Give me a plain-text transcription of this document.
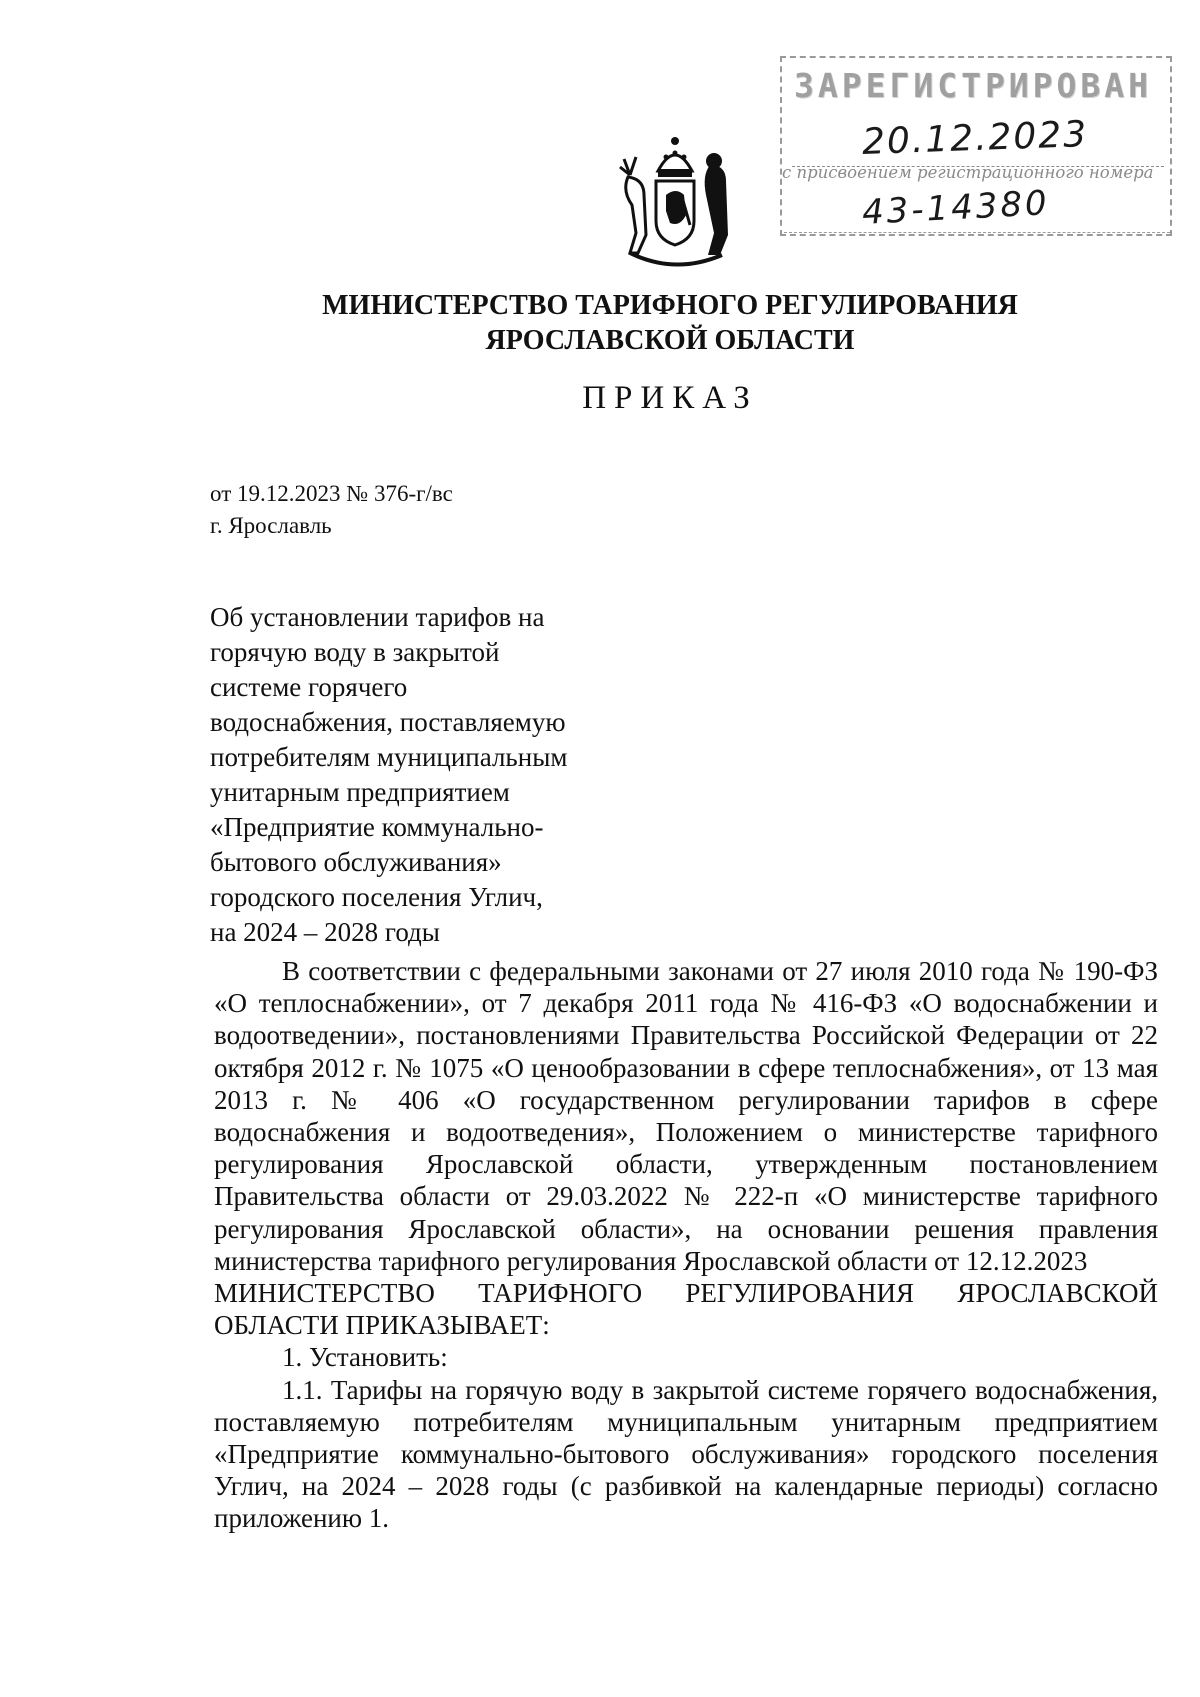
ЗАРЕГИСТРИРОВАН
20.12.2023
с присвоением регистрационного номера
43-14380
МИНИСТЕРСТВО ТАРИФНОГО РЕГУЛИРОВАНИЯ
ЯРОСЛАВСКОЙ ОБЛАСТИ
ПРИКАЗ
от 19.12.2023 № 376-г/вс
г. Ярославль
Об установлении тарифов на
горячую воду в закрытой
системе горячего
водоснабжения, поставляемую
потребителям муниципальным
унитарным предприятием
«Предприятие коммунально-
бытового обслуживания»
городского поселения Углич,
на 2024 – 2028 годы

В соответствии с федеральными законами от 27 июля 2010 года № 190-ФЗ «О теплоснабжении», от 7 декабря 2011 года № 416-ФЗ «О водоснабжении и водоотведении», постановлениями Правительства Российской Федерации от 22 октября 2012 г. № 1075 «О ценообразовании в сфере теплоснабжения», от 13 мая 2013 г. № 406 «О государственном регулировании тарифов в сфере водоснабжения и водоотведения», Положением о министерстве тарифного регулирования Ярославской области, утвержденным постановлением Правительства области от 29.03.2022 № 222-п «О министерстве тарифного регулирования Ярославской области», на основании решения правления министерства тарифного регулирования Ярославской области от 12.12.2023

МИНИСТЕРСТВО ТАРИФНОГО РЕГУЛИРОВАНИЯ ЯРОСЛАВСКОЙ ОБЛАСТИ ПРИКАЗЫВАЕТ:

1. Установить:

1.1. Тарифы на горячую воду в закрытой системе горячего водоснабжения, поставляемую потребителям муниципальным унитарным предприятием «Предприятие коммунально-бытового обслуживания» городского поселения Углич, на 2024 – 2028 годы (с разбивкой на календарные периоды) согласно приложению 1.
